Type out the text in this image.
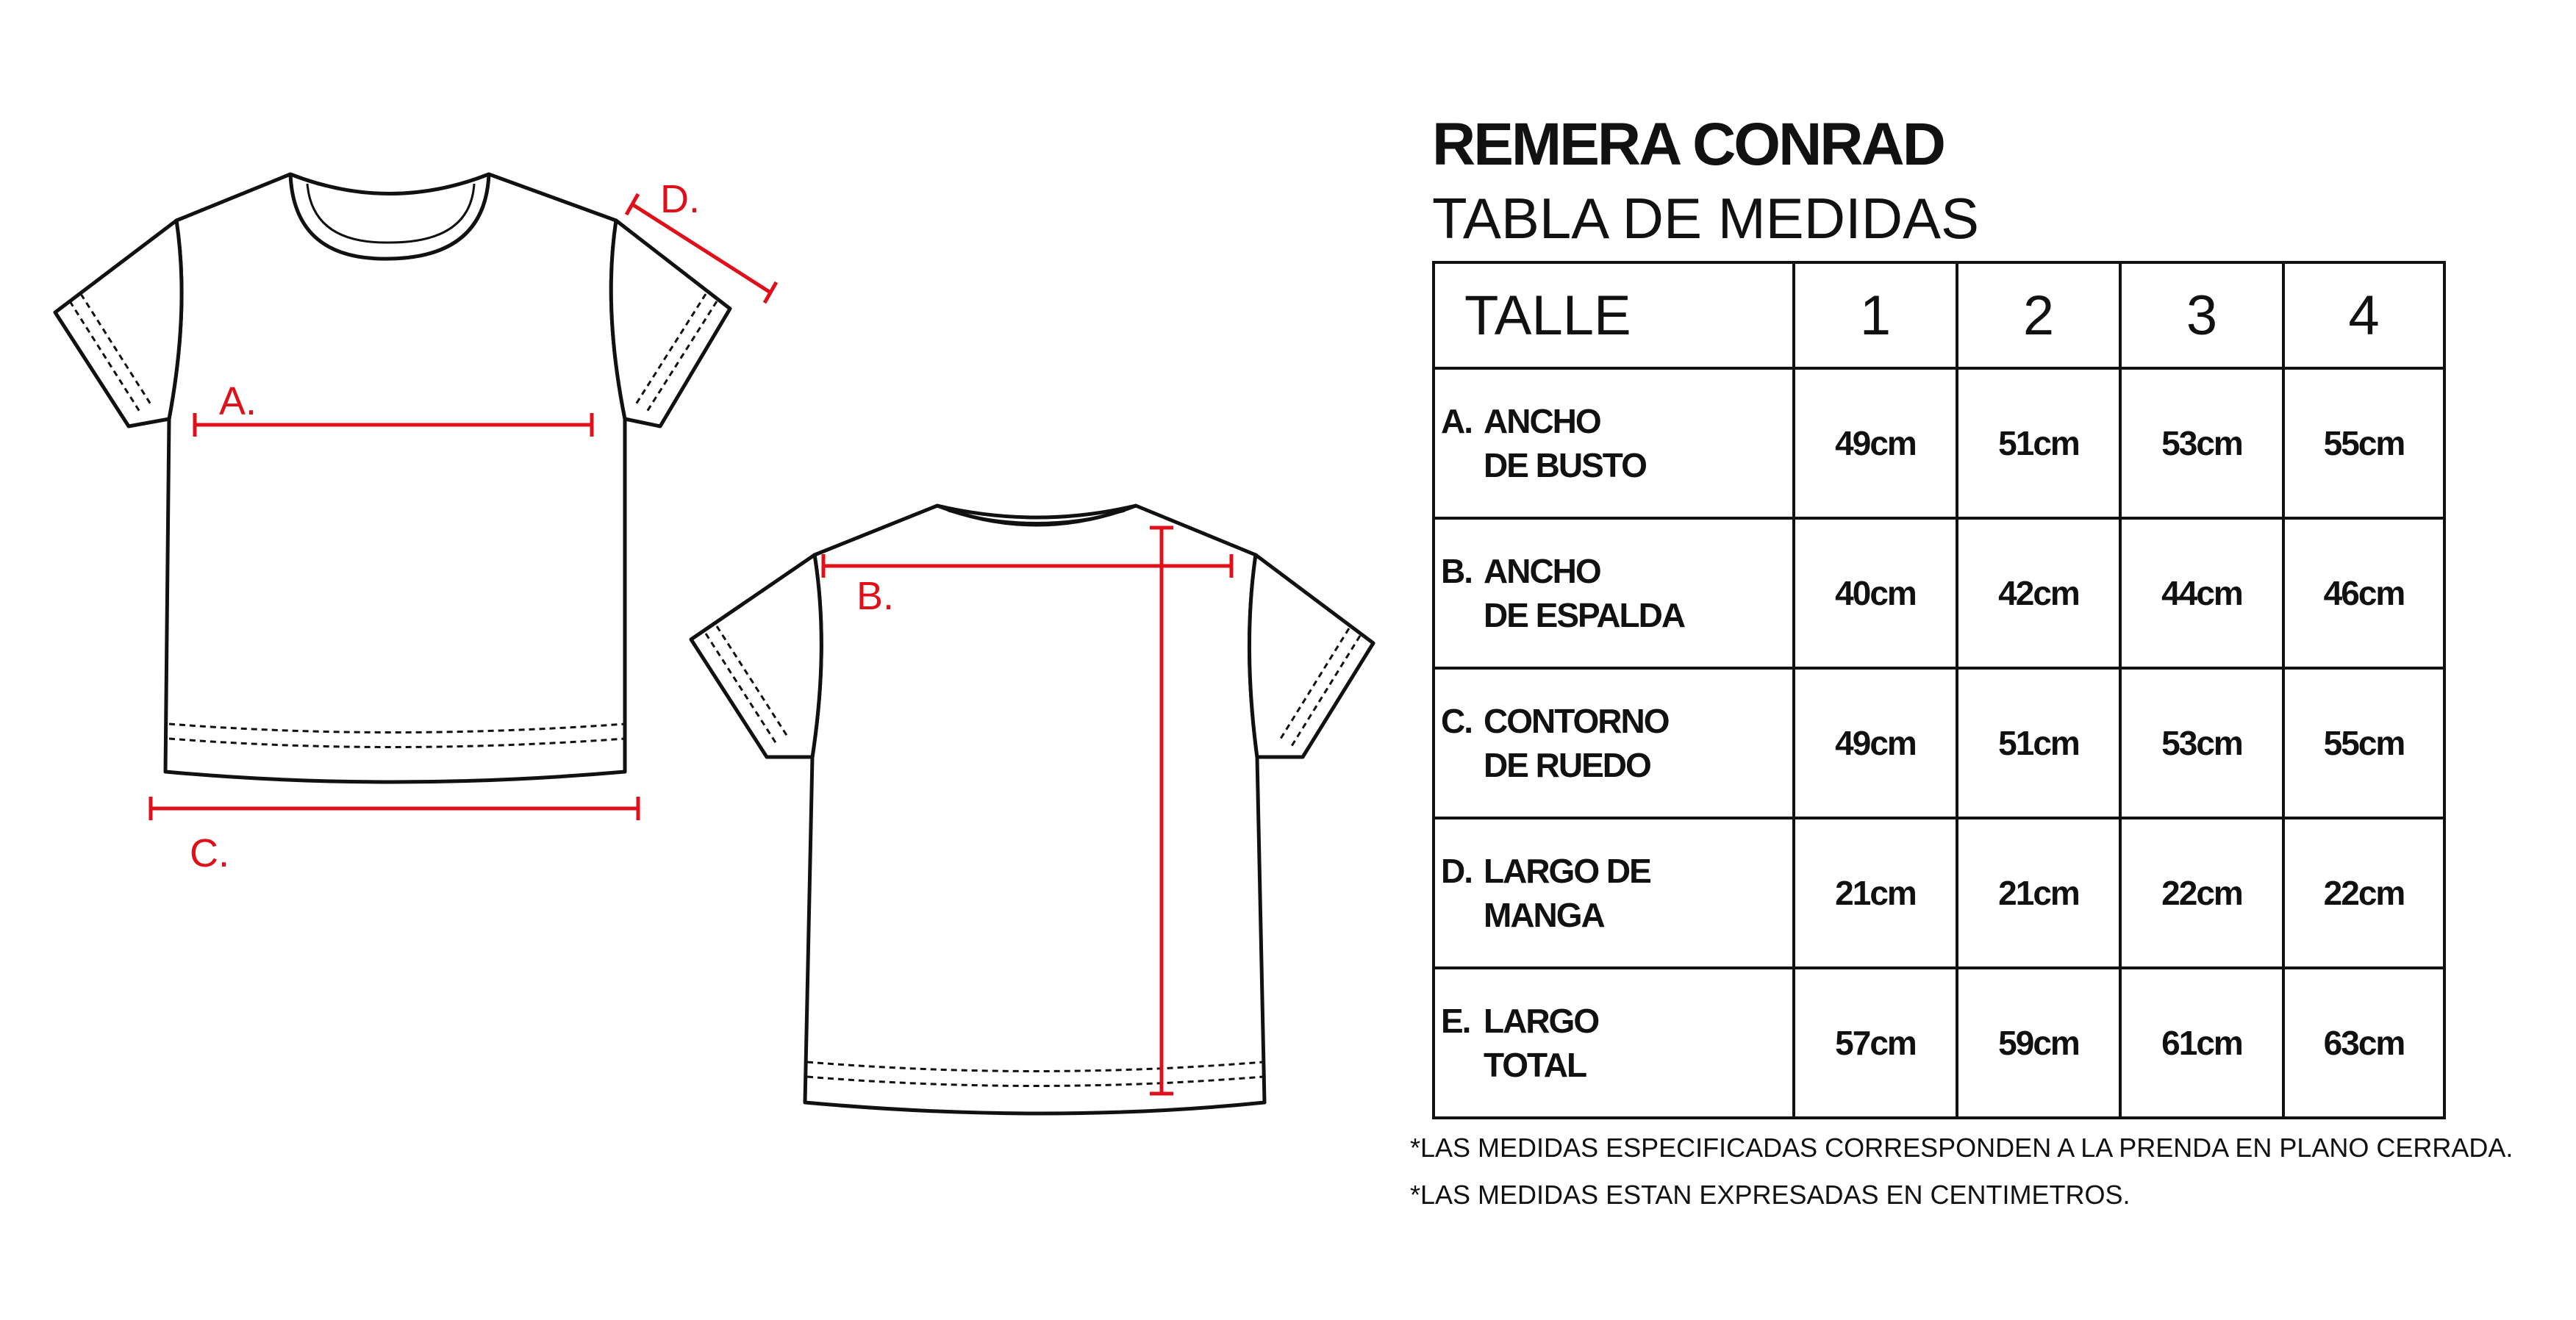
A.
B.
C.
D.
REMERA CONRAD
TABLA DE MEDIDAS
TALLE	1	2	3	4

A. ANCHO
DE BUSTO	49cm	51cm	53cm	55cm

B. ANCHO
DE ESPALDA	40cm	42cm	44cm	46cm

C. CONTORNO
DE RUEDO	49cm	51cm	53cm	55cm

D. LARGO DE
MANGA	21cm	21cm	22cm	22cm

E. LARGO
TOTAL	57cm	59cm	61cm	63cm
*LAS MEDIDAS ESPECIFICADAS CORRESPONDEN A LA PRENDA EN PLANO CERRADA.
*LAS MEDIDAS ESTAN EXPRESADAS EN CENTIMETROS.
